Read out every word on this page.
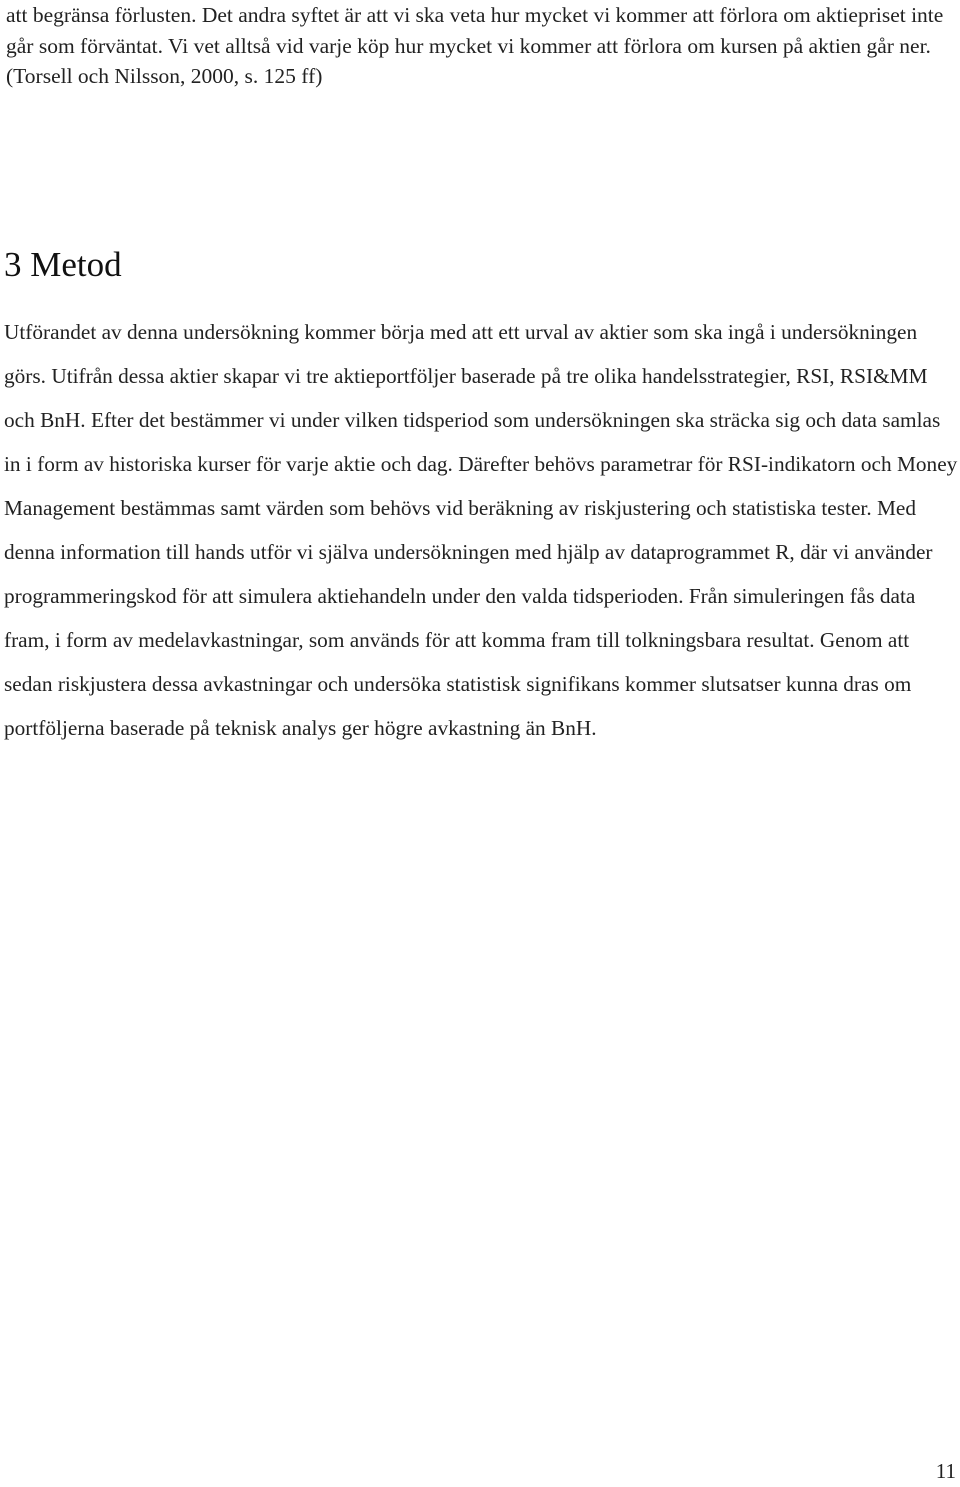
att begränsa förlusten. Det andra syftet är att vi ska veta hur mycket vi kommer att förlora om aktiepriset inte går som förväntat. Vi vet alltså vid varje köp hur mycket vi kommer att förlora om kursen på aktien går ner. (Torsell och Nilsson, 2000, s. 125 ff)

3 Metod

Utförandet av denna undersökning kommer börja med att ett urval av aktier som ska ingå i undersökningen görs. Utifrån dessa aktier skapar vi tre aktieportföljer baserade på tre olika handelsstrategier, RSI, RSI&MM och BnH. Efter det bestämmer vi under vilken tidsperiod som undersökningen ska sträcka sig och data samlas in i form av historiska kurser för varje aktie och dag. Därefter behövs parametrar för RSI-indikatorn och Money Management bestämmas samt värden som behövs vid beräkning av riskjustering och statistiska tester. Med denna information till hands utför vi själva undersökningen med hjälp av dataprogrammet R, där vi använder programmeringskod för att simulera aktiehandeln under den valda tidsperioden. Från simuleringen fås data fram, i form av medelavkastningar, som används för att komma fram till tolkningsbara resultat. Genom att sedan riskjustera dessa avkastningar och undersöka statistisk signifikans kommer slutsatser kunna dras om portföljerna baserade på teknisk analys ger högre avkastning än BnH.

11
